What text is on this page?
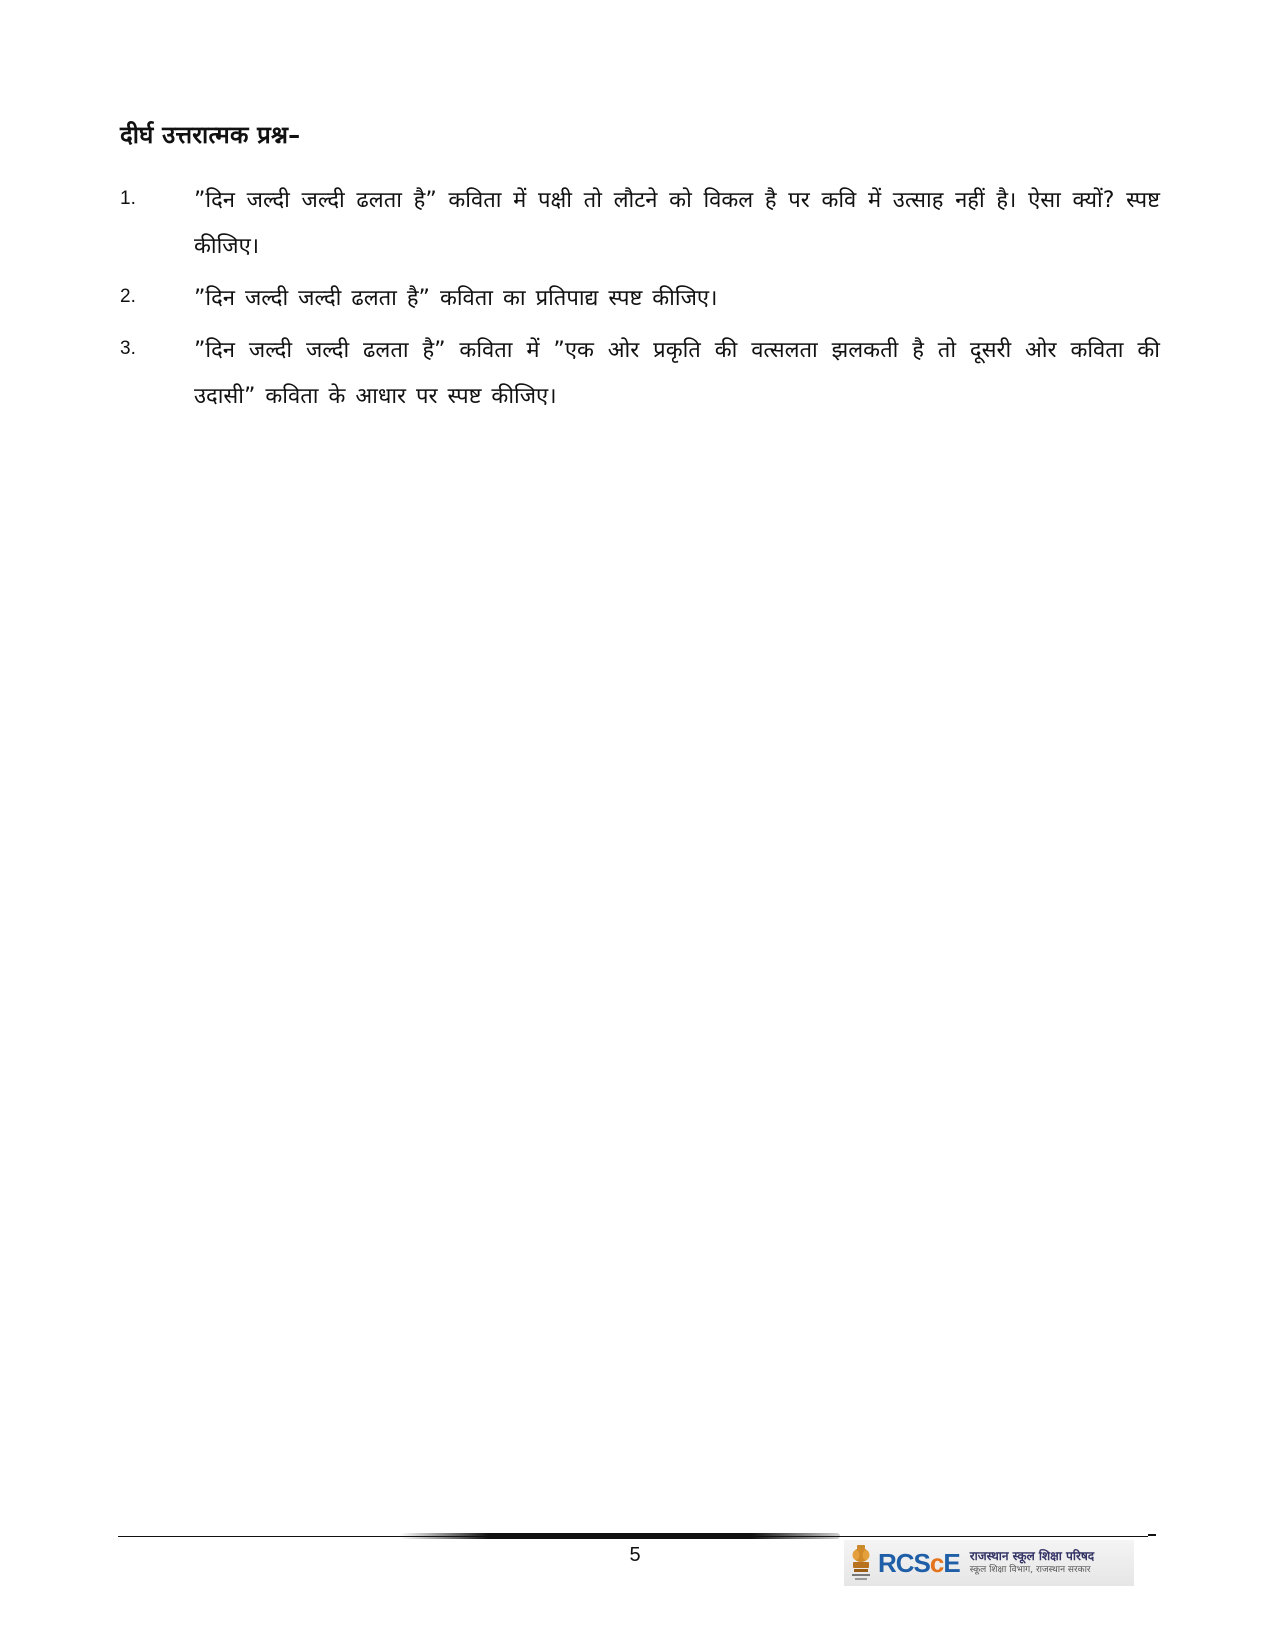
दीर्घ उत्तरात्मक प्रश्न–
1.	”दिन जल्दी जल्दी ढलता है” कविता में पक्षी तो लौटने को विकल है पर कवि में उत्साह नहीं है। ऐसा क्यों? स्पष्ट कीजिए।
2.	”दिन जल्दी जल्दी ढलता है” कविता का प्रतिपाद्य स्पष्ट कीजिए।
3.	”दिन जल्दी जल्दी ढलता है” कविता में ”एक ओर प्रकृति की वत्सलता झलकती है तो दूसरी ओर कविता की उदासी” कविता के आधार पर स्पष्ट कीजिए।
5	RCScE राजस्थान स्कूल शिक्षा परिषद
स्कूल शिक्षा विभाग, राजस्थान सरकार
